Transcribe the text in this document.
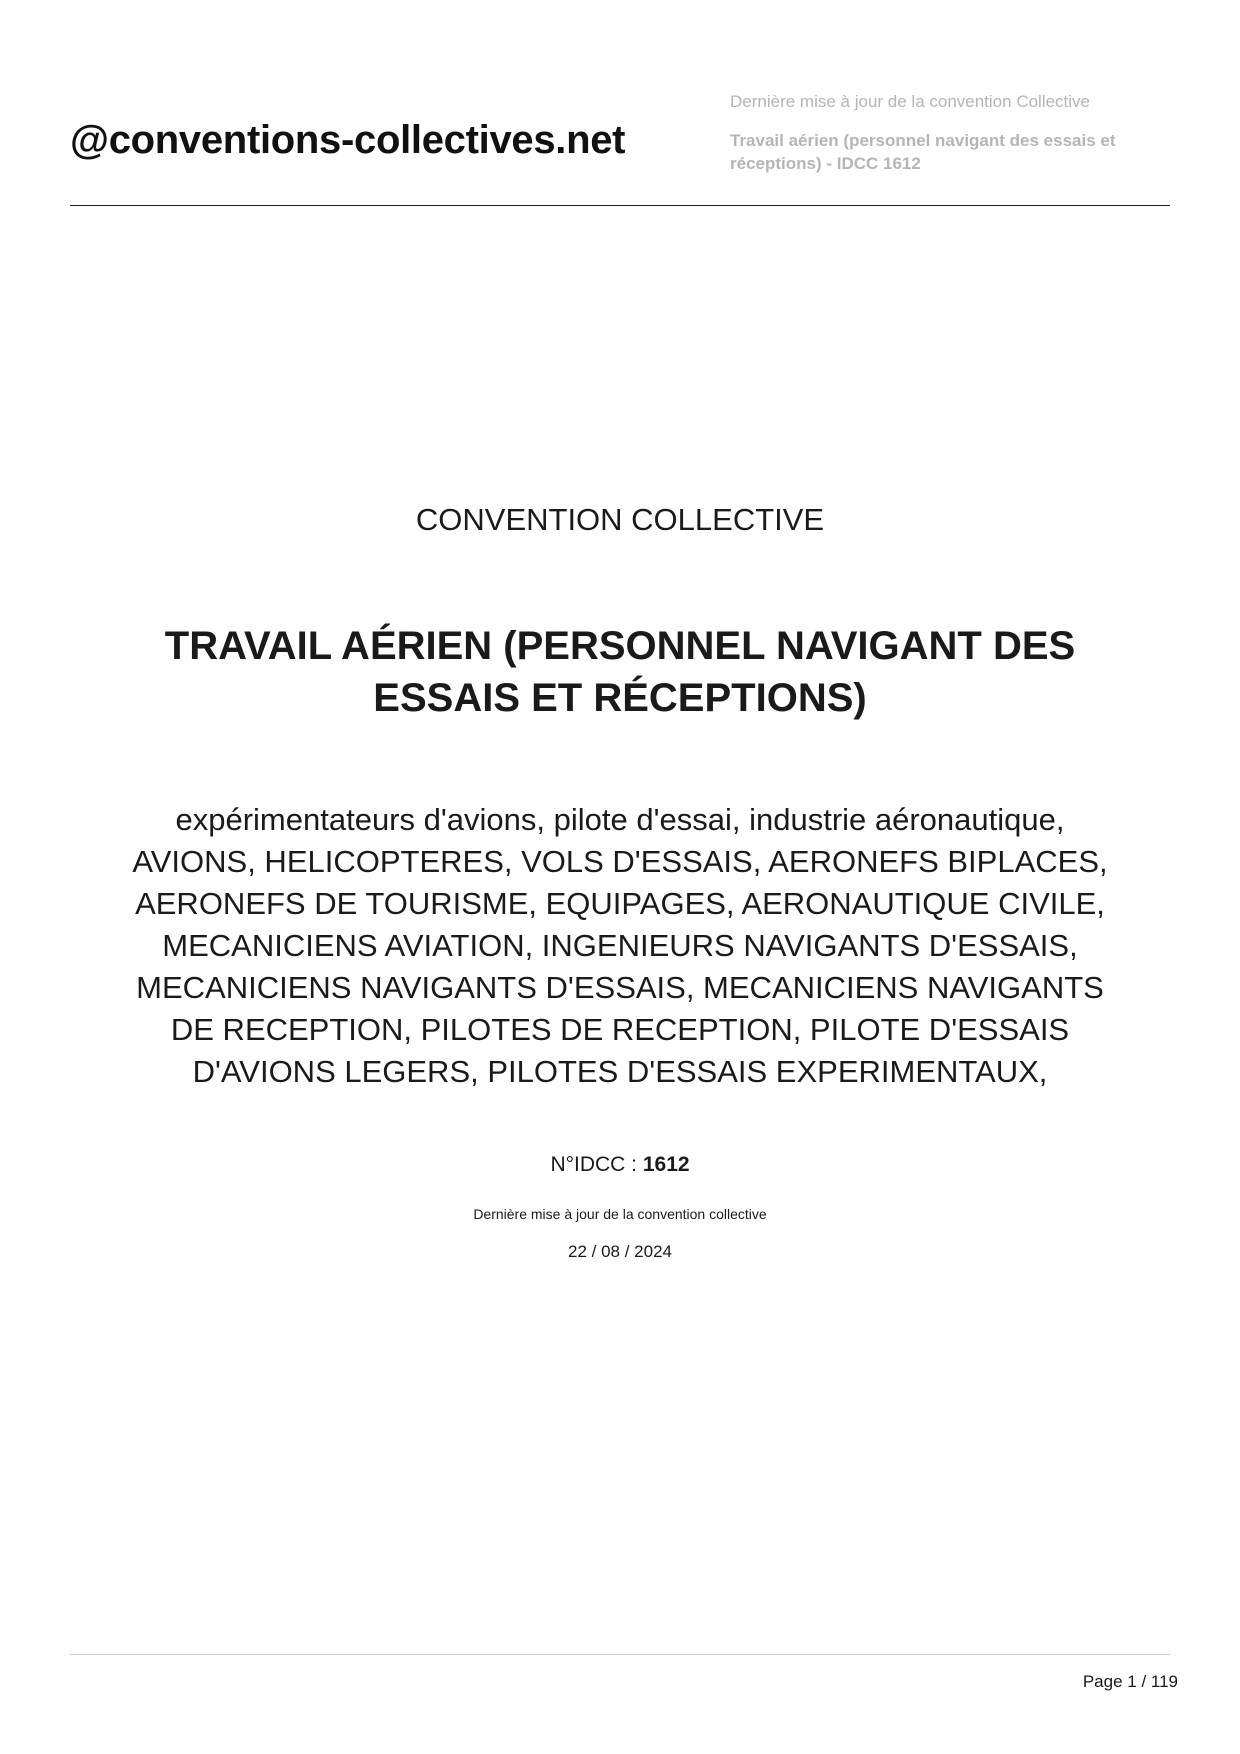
@conventions-collectives.net
Dernière mise à jour de la convention Collective
Travail aérien (personnel navigant des essais et
réceptions) - IDCC 1612
CONVENTION COLLECTIVE
TRAVAIL AÉRIEN (PERSONNEL NAVIGANT DES
ESSAIS ET RÉCEPTIONS)
expérimentateurs d'avions, pilote d'essai, industrie aéronautique,
AVIONS, HELICOPTERES, VOLS D'ESSAIS, AERONEFS BIPLACES,
AERONEFS DE TOURISME, EQUIPAGES, AERONAUTIQUE CIVILE,
MECANICIENS AVIATION, INGENIEURS NAVIGANTS D'ESSAIS,
MECANICIENS NAVIGANTS D'ESSAIS, MECANICIENS NAVIGANTS
DE RECEPTION, PILOTES DE RECEPTION, PILOTE D'ESSAIS
D'AVIONS LEGERS, PILOTES D'ESSAIS EXPERIMENTAUX,
N°IDCC : 1612
Dernière mise à jour de la convention collective
22 / 08 / 2024
Page 1 / 119
